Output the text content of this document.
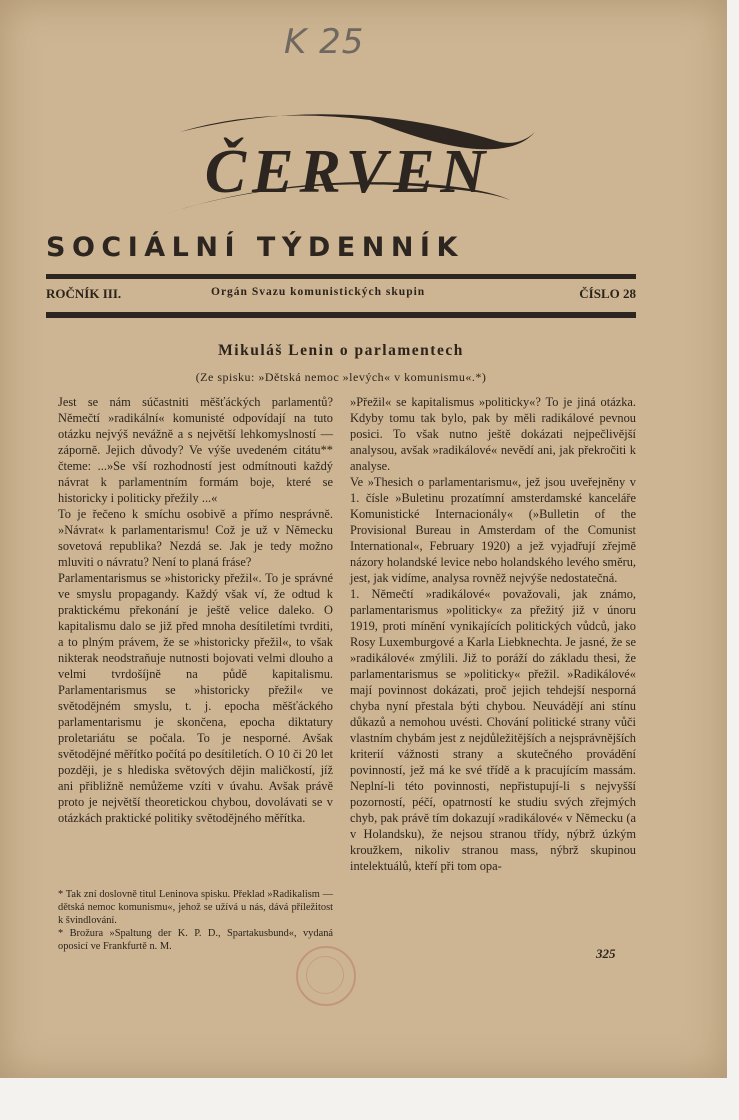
K 25
ČERVEN
SOCIÁLNÍ TÝDENNÍK
ROČNÍK III.	Orgán Svazu komunistických skupin	ČÍSLO 28
Mikuláš Lenin o parlamentech
(Ze spisku: »Dětská nemoc »levých« v komunismu«.*)

Jest se nám súčastniti měšťáckých parlamentů? Němečtí »radikální« komunisté odpovídají na tuto otázku nejvýš nevážně a s největší lehkomyslností — záporně. Jejich důvody? Ve výše uvedeném citátu** čteme: ...»Se vší rozhodností jest odmítnouti každý návrat k parlamentním formám boje, které se historicky i politicky přežily ...«

To je řečeno k smíchu osobivě a přímo nesprávně. »Návrat« k parlamentarismu! Což je už v Německu sovetová republika? Nezdá se. Jak je tedy možno mluviti o návratu? Není to planá fráse?

Parlamentarismus se »historicky přežil«. To je správné ve smyslu propagandy. Každý však ví, že odtud k praktickému překonání je ještě velice daleko. O kapitalismu dalo se již před mnoha desítiletími tvrditi, a to plným právem, že se »historicky přežil«, to však nikterak neodstraňuje nutnosti bojovati velmi dlouho a velmi tvrdošíjně na půdě kapitalismu. Parlamentarismus se »historicky přežil« ve světodějném smyslu, t. j. epocha měšťáckého parlamentarismu je skončena, epocha diktatury proletariátu se počala. To je nesporné. Avšak světodějné měřítko počítá po desítiletích. O 10 či 20 let později, je s hlediska světových dějin maličkostí, jíž ani přibližně nemůžeme vzíti v úvahu. Avšak právě proto je největší theoretickou chybou, dovolávati se v otázkách praktické politiky světodějného měřítka.

»Přežil« se kapitalismus »politicky«? To je jiná otázka. Kdyby tomu tak bylo, pak by měli radikálové pevnou posici. To však nutno ještě dokázati nejpečlivější analysou, avšak »radikálové« nevědí ani, jak překročiti k analyse.

Ve »Thesich o parlamentarismu«, jež jsou uveřejněny v 1. čísle »Buletinu prozatímní amsterdamské kanceláře Komunistické Internacionály« (»Bulletin of the Provisional Bureau in Amsterdam of the Comunist International«, February 1920) a jež vyjadřují zřejmě názory holandské levice nebo holandského levého směru, jest, jak vidíme, analysa rovněž nejvýše nedostatečná.

1. Němečtí »radikálové« považovali, jak známo, parlamentarismus »politicky« za přežitý již v únoru 1919, proti mínění vynikajících politických vůdců, jako Rosy Luxemburgové a Karla Liebknechta. Je jasné, že se »radikálové« zmýlili. Již to poráží do základu thesi, že parlamentarismus se »politicky« přežil. »Radikálové« mají povinnost dokázati, proč jejich tehdejší nesporná chyba nyní přestala býti chybou. Neuvádějí ani stínu důkazů a nemohou uvésti. Chování politické strany vůči vlastním chybám jest z nejdůležitějších a nejsprávnějších kriterií vážnosti strany a skutečného provádění povinností, jež má ke své třídě a k pracujícím massám. Neplní-li této povinnosti, nepřistupují-li s nejvyšší pozorností, péčí, opatrností ke studiu svých zřejmých chyb, pak právě tím dokazují »radikálové« v Německu (a v Holandsku), že nejsou stranou třídy, nýbrž úzkým kroužkem, nikoliv stranou mass, nýbrž skupinou intelektuálů, kteří při tom opa-

* Tak zní doslovně titul Leninova spisku. Překlad »Radikalism — dětská nemoc komunismu«, jehož se užívá u nás, dává příležitost k švindlování.

* Brožura »Spaltung der K. P. D., Spartakusbund«, vydaná oposicí ve Frankfurtě n. M.	325
